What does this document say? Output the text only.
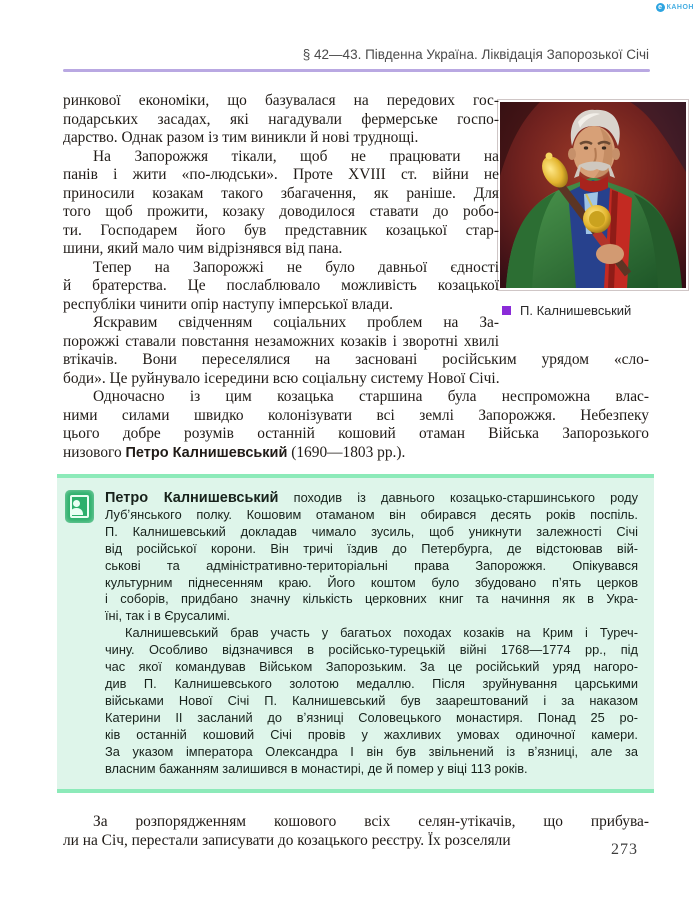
e КАНОН
§ 42—43. Південна Україна. Ліквідація Запорозької Січі
П. Калнишевський
ринкової економіки, що базувалася на передових гос-
подарських засадах, які нагадували фермерське госпо-
дарство. Однак разом із тим виникли й нові труднощі.
На Запорожжя тікали, щоб не працювати на
панів і жити «по-людськи». Проте XVIII ст. війни не
приносили козакам такого збагачення, як раніше. Для
того щоб прожити, козаку доводилося ставати до робо-
ти. Господарем його був представник козацької стар-
шини, який мало чим відрізнявся від пана.
Тепер на Запорожжі не було давньої єдності
й братерства. Це послаблювало можливість козацької
республіки чинити опір наступу імперської влади.
Яскравим свідченням соціальних проблем на За-
порожжі ставали повстання незаможних козаків і зворотні хвилі
втікачів. Вони переселялися на засновані російським урядом «сло-
боди». Це руйнувало ісередини всю соціальну систему Нової Січі.
Одночасно із цим козацька старшина була неспроможна влас-
ними силами швидко колонізувати всі землі Запорожжя. Небезпеку
цього добре розумів останній кошовий отаман Війська Запорозького
низового Петро Калнишевський (1690—1803 рр.).
Петро Калнишевський походив із давнього козацько-старшинського роду
Лубʼянського полку. Кошовим отаманом він обирався десять років поспіль.
П. Калнишевський докладав чимало зусиль, щоб уникнути залежності Січі
від російської корони. Він тричі їздив до Петербурга, де відстоював вій-
ськові та адміністративно-територіальні права Запорожжя. Опікувався
культурним піднесенням краю. Його коштом було збудовано пʼять церков
і соборів, придбано значну кількість церковних книг та начиння як в Укра-
їні, так і в Єрусалимі.
Калнишевський брав участь у багатьох походах козаків на Крим і Туреч-
чину. Особливо відзначився в російсько-турецькій війні 1768—1774 рр., під
час якої командував Військом Запорозьким. За це російський уряд нагоро-
див П. Калнишевського золотою медаллю. Після зруйнування царськими
військами Нової Січі П. Калнишевський був заарештований і за наказом
Катерини II засланий до вʼязниці Соловецького монастиря. Понад 25 ро-
ків останній кошовий Січі провів у жахливих умовах одиночної камери.
За указом імператора Олександра I він був звільнений із вʼязниці, але за
власним бажанням залишився в монастирі, де й помер у віці 113 років.
За розпорядженням кошового всіх селян-утікачів, що прибува-
ли на Січ, перестали записувати до козацького реєстру. Їх розселяли
273
